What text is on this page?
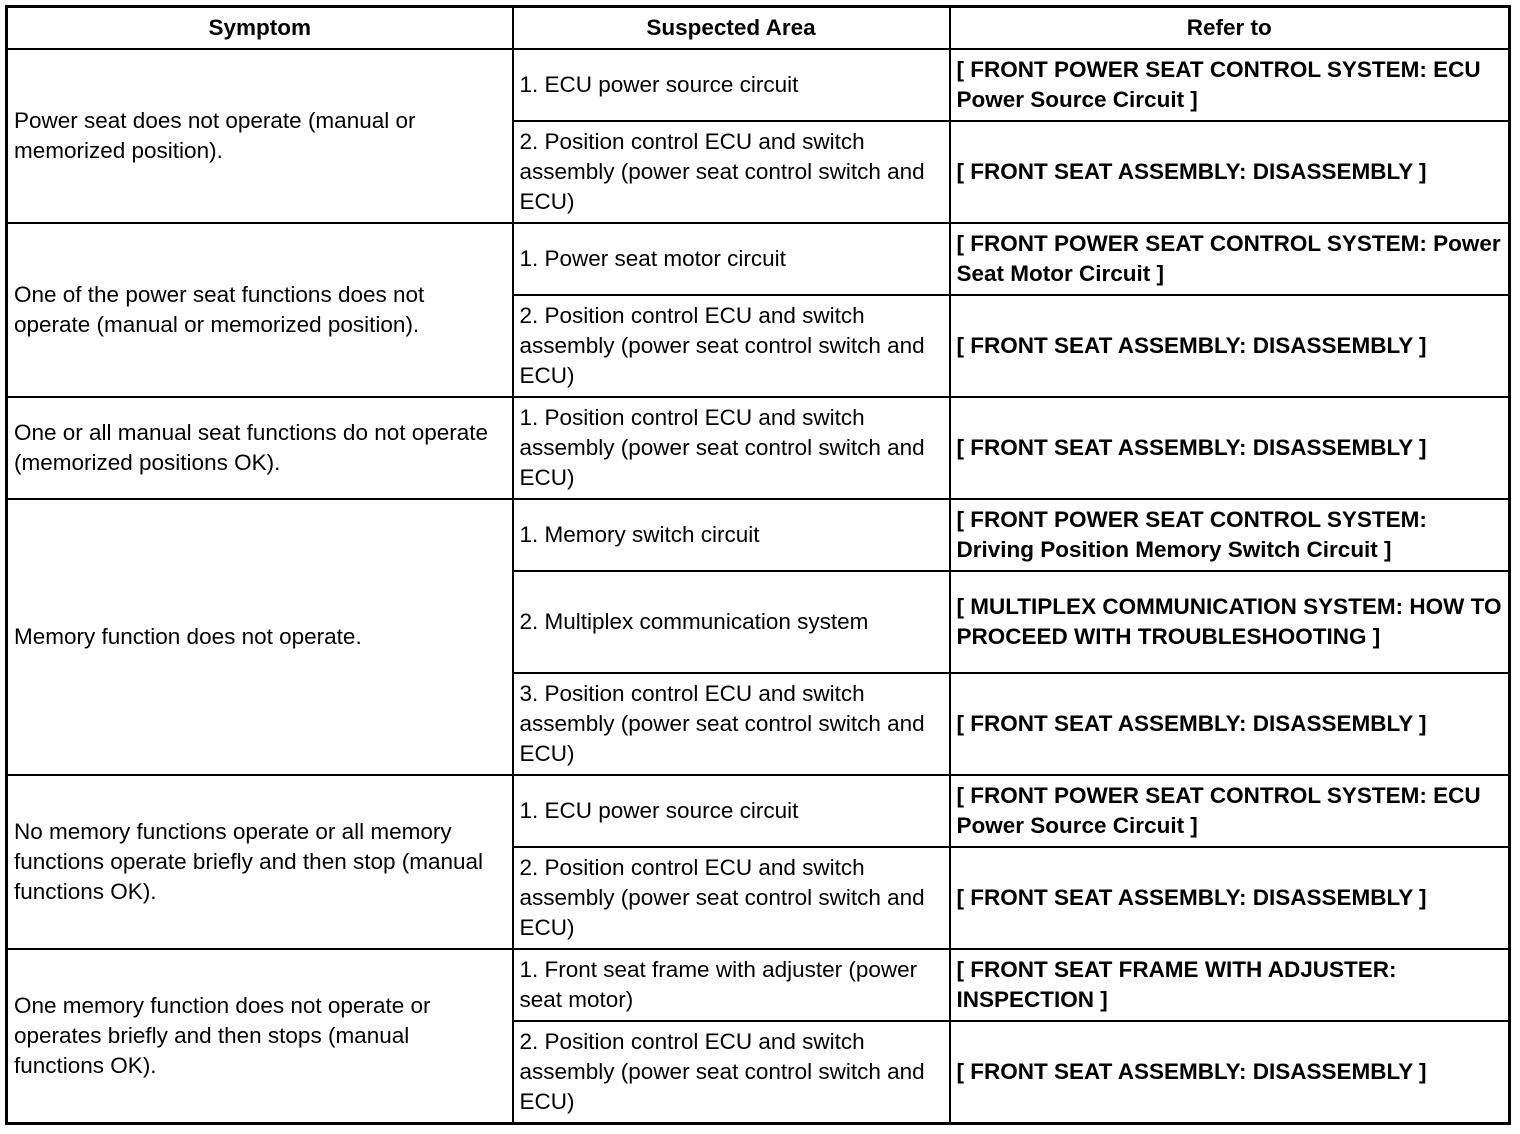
Symptom	Suspected Area	Refer to
Power seat does not operate (manual or memorized position).	1. ECU power source circuit	[ FRONT POWER SEAT CONTROL SYSTEM: ECU Power Source Circuit ]
	2. Position control ECU and switch assembly (power seat control switch and ECU)	[ FRONT SEAT ASSEMBLY: DISASSEMBLY ]
One of the power seat functions does not operate (manual or memorized position).	1. Power seat motor circuit	[ FRONT POWER SEAT CONTROL SYSTEM: Power Seat Motor Circuit ]
	2. Position control ECU and switch assembly (power seat control switch and ECU)	[ FRONT SEAT ASSEMBLY: DISASSEMBLY ]
One or all manual seat functions do not operate (memorized positions OK).	1. Position control ECU and switch assembly (power seat control switch and ECU)	[ FRONT SEAT ASSEMBLY: DISASSEMBLY ]
Memory function does not operate.	1. Memory switch circuit	[ FRONT POWER SEAT CONTROL SYSTEM: Driving Position Memory Switch Circuit ]
	2. Multiplex communication system	[ MULTIPLEX COMMUNICATION SYSTEM: HOW TO PROCEED WITH TROUBLESHOOTING ]
	3. Position control ECU and switch assembly (power seat control switch and ECU)	[ FRONT SEAT ASSEMBLY: DISASSEMBLY ]
No memory functions operate or all memory functions operate briefly and then stop (manual functions OK).	1. ECU power source circuit	[ FRONT POWER SEAT CONTROL SYSTEM: ECU Power Source Circuit ]
	2. Position control ECU and switch assembly (power seat control switch and ECU)	[ FRONT SEAT ASSEMBLY: DISASSEMBLY ]
One memory function does not operate or operates briefly and then stops (manual functions OK).	1. Front seat frame with adjuster (power seat motor)	[ FRONT SEAT FRAME WITH ADJUSTER: INSPECTION ]
	2. Position control ECU and switch assembly (power seat control switch and ECU)	[ FRONT SEAT ASSEMBLY: DISASSEMBLY ]
